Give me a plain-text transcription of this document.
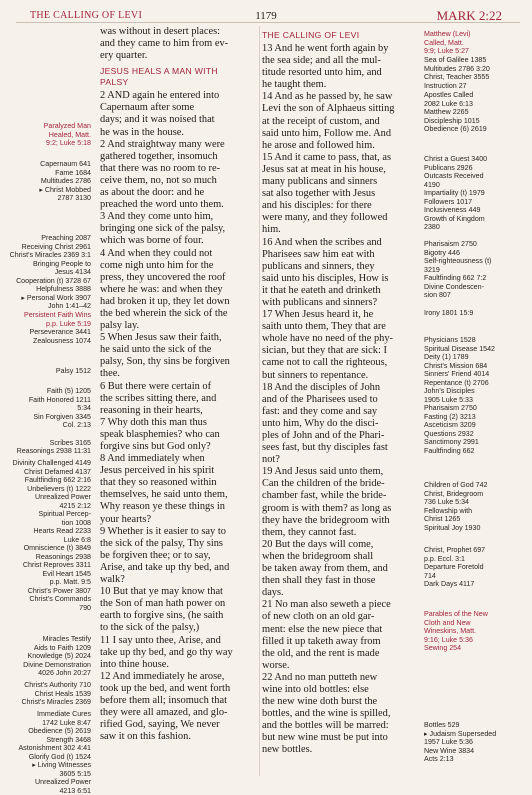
THE CALLING OF LEVI	1179	MARK 2:22
Paralyzed Man
Healed, Matt.
9:2; Luke 5:18
Capernaum 641
Fame 1684
Multitudes 2786
▸ Christ Mobbed
2787 3130
Preaching 2087
Receiving Christ 2961
Christ's Miracles 2369 3:1
Bringing People to
Jesus 4134
Cooperation (t) 3728 67
Helpfulness 3888
▸ Personal Work 3907
John 1:41–42
Persistent Faith Wins
p.p. Luke 5:19
Perseverance 3441
Zealousness 1074
Palsy 1512
Faith (5) 1205
Faith Honored 1211
5:34
Sin Forgiven 3345
Col. 2:13
Scribes 3165
Reasonings 2938 11:31
Divinity Challenged 4149
Christ Defamed 4137
Faultfinding 662 2:16
Unbelievers (t) 1222
Unrealized Power
4215 2:12
Spiritual Percep-
tion 1008
Hearts Read 2233
Luke 6:8
Omniscience (t) 3849
Reasonings 2938
Christ Reproves 3311
Evil Heart 1545
p.p. Matt. 9:5
Christ's Power 3807
Christ's Commands
790
Miracles Testify
Aids to Faith 1209
Knowledge (5) 2024
Divine Demonstration
4026 John 20:27
Christ's Authority 710
Christ Heals 1539
Christ's Miracles 2369
Immediate Cures
1742 Luke 8:47
Obedience (5) 2619
Strength 3468
Astonishment 302 4:41
Glorify God (t) 1524
▸ Living Witnesses
3605 5:15
Unrealized Power
4213 6:51
was without in desert places:
and they came to him from ev-
ery quarter.
JESUS HEALS A MAN WITH
PALSY
2 AND again he entered into
Capernaum after some
days; and it was noised that
he was in the house.
2 And straightway many were
gathered together, insomuch
that there was no room to re-
ceive them, no, not so much
as about the door: and he
preached the word unto them.
3 And they come unto him,
bringing one sick of the palsy,
which was borne of four.
4 And when they could not
come nigh unto him for the
press, they uncovered the roof
where he was: and when they
had broken it up, they let down
the bed wherein the sick of the
palsy lay.
5 When Jesus saw their faith,
he said unto the sick of the
palsy, Son, thy sins be forgiven
thee.
6 But there were certain of
the scribes sitting there, and
reasoning in their hearts,
7 Why doth this man thus
speak blasphemies? who can
forgive sins but God only?
8 And immediately when
Jesus perceived in his spirit
that they so reasoned within
themselves, he said unto them,
Why reason ye these things in
your hearts?
9 Whether is it easier to say to
the sick of the palsy, Thy sins
be forgiven thee; or to say,
Arise, and take up thy bed, and
walk?
10 But that ye may know that
the Son of man hath power on
earth to forgive sins, (he saith
to the sick of the palsy,)
11 I say unto thee, Arise, and
take up thy bed, and go thy way
into thine house.
12 And immediately he arose,
took up the bed, and went forth
before them all; insomuch that
they were all amazed, and glo-
rified God, saying, We never
saw it on this fashion.
THE CALLING OF LEVI
13 And he went forth again by
the sea side; and all the mul-
titude resorted unto him, and
he taught them.
14 And as he passed by, he saw
Levi the son of Alphaeus sitting
at the receipt of custom, and
said unto him, Follow me. And
he arose and followed him.
15 And it came to pass, that, as
Jesus sat at meat in his house,
many publicans and sinners
sat also together with Jesus
and his disciples: for there
were many, and they followed
him.
16 And when the scribes and
Pharisees saw him eat with
publicans and sinners, they
said unto his disciples, How is
it that he eateth and drinketh
with publicans and sinners?
17 When Jesus heard it, he
saith unto them, They that are
whole have no need of the phy-
sician, but they that are sick: I
came not to call the righteous,
but sinners to repentance.
18 And the disciples of John
and of the Pharisees used to
fast: and they come and say
unto him, Why do the disci-
ples of John and of the Phari-
sees fast, but thy disciples fast
not?
19 And Jesus said unto them,
Can the children of the bride-
chamber fast, while the bride-
groom is with them? as long as
they have the bridegroom with
them, they cannot fast.
20 But the days will come,
when the bridegroom shall
be taken away from them, and
then shall they fast in those
days.
21 No man also seweth a piece
of new cloth on an old gar-
ment: else the new piece that
filled it up taketh away from
the old, and the rent is made
worse.
22 And no man putteth new
wine into old bottles: else
the new wine doth burst the
bottles, and the wine is spilled,
and the bottles will be marred:
but new wine must be put into
new bottles.
Matthew (Levi)
Called, Matt.
9:9; Luke 5:27
Sea of Galilee 1385
Multitudes 2786 3:20
Christ, Teacher 3555
Instruction 27
Apostles Called
2082 Luke 6:13
Matthew 2265
Discipleship 1015
Obedience (6) 2619
Christ a Guest 3400
Publicans 2926
Outcasts Received
4190
Impartiality (t) 1979
Followers 1017
Inclusiveness 449
Growth of Kingdom
2380
Pharisaism 2750
Bigotry 446
Self-righteousness (t)
3219
Faultfinding 662 7:2
Divine Condescen-
sion 807
Irony 1801 15:9
Physicians 1528
Spiritual Disease 1542
Deity (1) 1789
Christ's Mission 684
Sinners' Friend 4014
Repentance (t) 2706
John's Disciples
1905 Luke 5:33
Pharisaism 2750
Fasting (2) 3213
Asceticism 3209
Questions 2932
Sanctimony 2991
Faultfinding 662
Children of God 742
Christ, Bridegroom
736 Luke 5:34
Fellowship with
Christ 1265
Spiritual Joy 1930
Christ, Prophet 697
p.p. Eccl. 3:1
Departure Foretold
714
Dark Days 4117
Parables of the New
Cloth and New
Wineskins, Matt.
9:16; Luke 5:36
Sewing 254
Bottles 529
▸ Judaism Superseded
1957 Luke 5:36
New Wine 3834
Acts 2:13
